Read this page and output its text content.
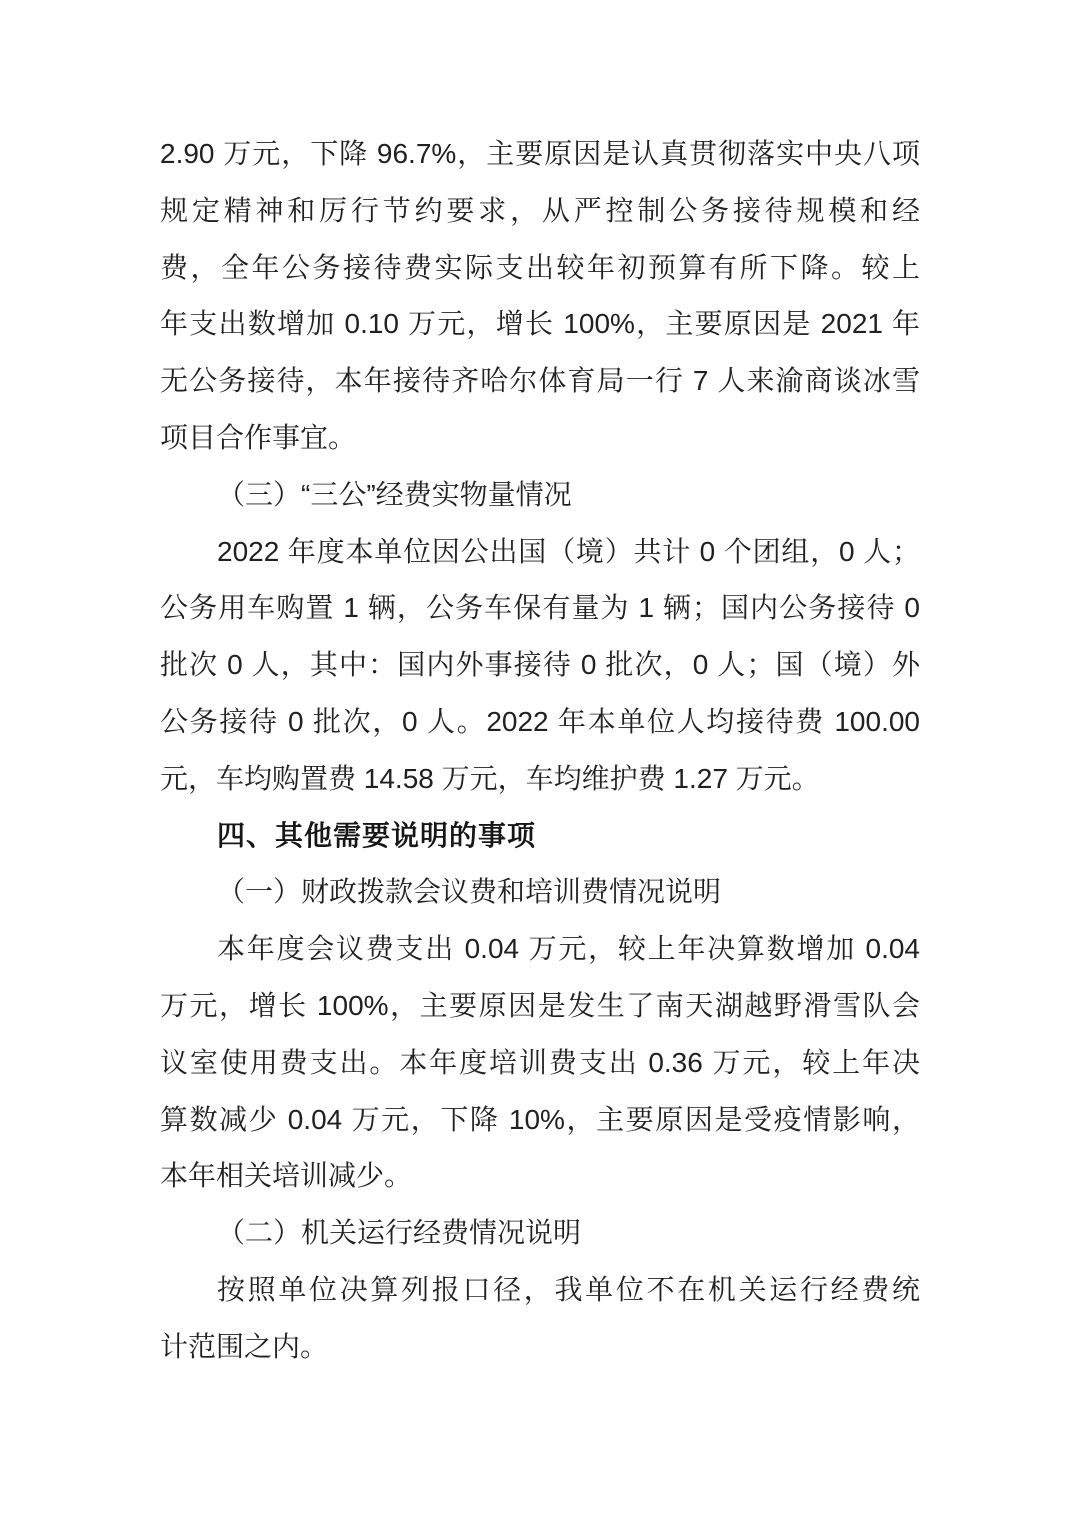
2.90 万元，下降 96.7%，主要原因是认真贯彻落实中央八项
规定精神和厉行节约要求，从严控制公务接待规模和经
费，全年公务接待费实际支出较年初预算有所下降。较上
年支出数增加 0.10 万元，增长 100%，主要原因是 2021 年
无公务接待，本年接待齐哈尔体育局一行 7 人来渝商谈冰雪
项目合作事宜。
（三）“三公”经费实物量情况
2022 年度本单位因公出国（境）共计 0 个团组，0 人；
公务用车购置 1 辆，公务车保有量为 1 辆；国内公务接待 0
批次 0 人，其中：国内外事接待 0 批次，0 人；国（境）外
公务接待 0 批次，0 人。2022 年本单位人均接待费 100.00
元，车均购置费 14.58 万元，车均维护费 1.27 万元。
四、其他需要说明的事项
（一）财政拨款会议费和培训费情况说明
本年度会议费支出 0.04 万元，较上年决算数增加 0.04
万元，增长 100%，主要原因是发生了南天湖越野滑雪队会
议室使用费支出。本年度培训费支出 0.36 万元，较上年决
算数减少 0.04 万元，下降 10%，主要原因是受疫情影响，
本年相关培训减少。
（二）机关运行经费情况说明
按照单位决算列报口径，我单位不在机关运行经费统
计范围之内。
